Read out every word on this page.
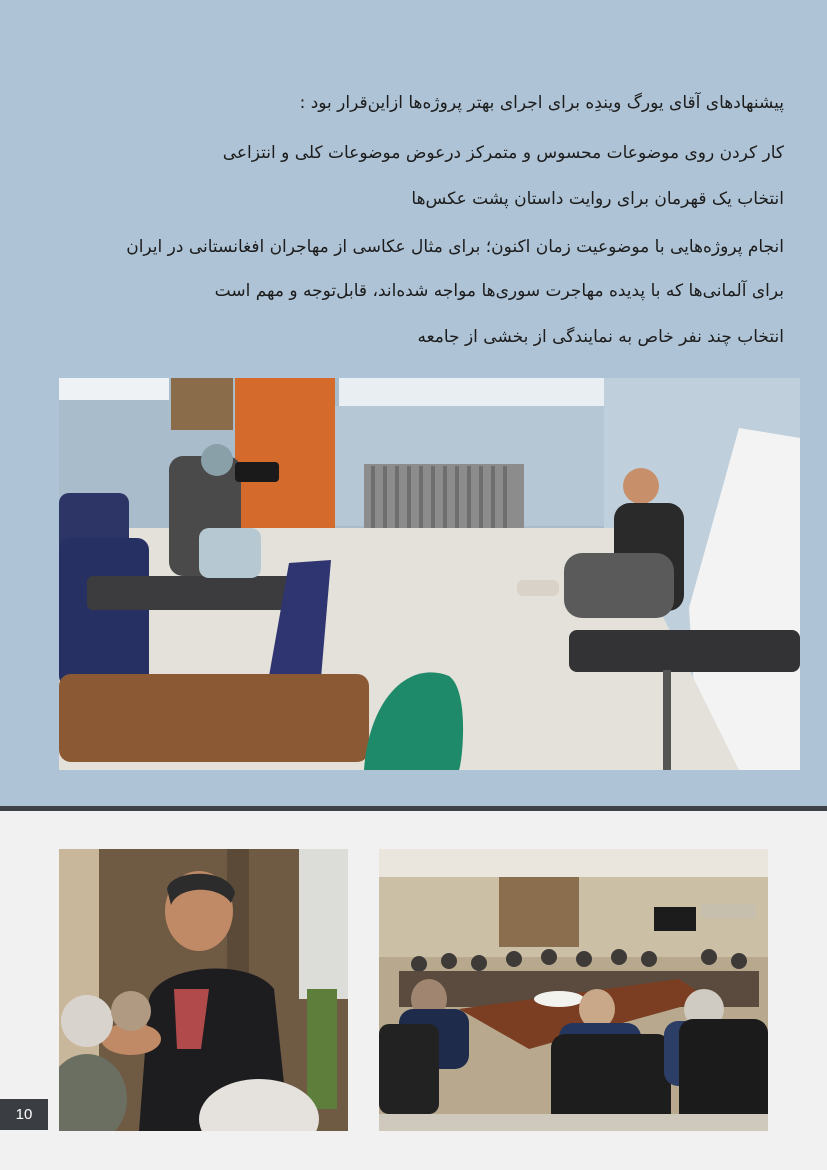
پیشنهادهای آقای یورگ ویندِه برای اجرای بهتر پروژه‌ها ازاین‌قرار بود :

کار کردن روی موضوعات محسوس و متمرکز درعوض موضوعات کلی و انتزاعی

انتخاب یک قهرمان برای روایت داستان پشت عکس‌ها

انجام پروژه‌هایی با موضوعیت زمان اکنون؛ برای مثال عکاسی از مهاجران افغانستانی در ایران

برای آلمانی‌ها که با پدیده مهاجرت سوری‌ها مواجه شده‌اند، قابل‌توجه و مهم است

انتخاب چند نفر خاص به نمایندگی از بخشی از جامعه

10
